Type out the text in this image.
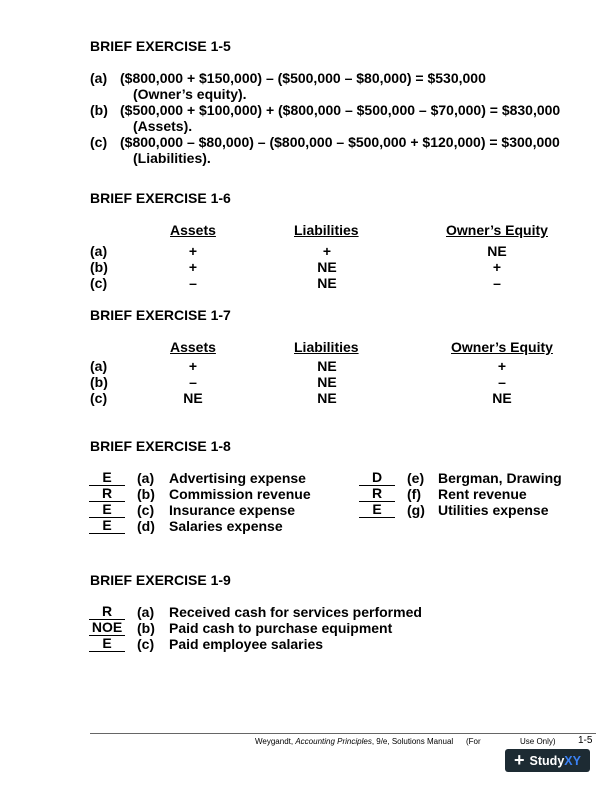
BRIEF EXERCISE 1-5
(a) ($800,000 + $150,000) – ($500,000 – $80,000) = $530,000
(Owner’s equity).
(b) ($500,000 + $100,000) + ($800,000 – $500,000 – $70,000) = $830,000
(Assets).
(c) ($800,000 – $80,000) – ($800,000 – $500,000 + $120,000) = $300,000
(Liabilities).
BRIEF EXERCISE 1-6
Assets	Liabilities	Owner’s Equity
(a)	+	+	NE
(b)	+	NE	+
(c)	–	NE	–
BRIEF EXERCISE 1-7
Assets	Liabilities	Owner’s Equity
(a)	+	NE	+
(b)	–	NE	–
(c)	NE	NE	NE
BRIEF EXERCISE 1-8
E	(a) Advertising expense
R	(b) Commission revenue
E	(c) Insurance expense
E	(d) Salaries expense
D	(e) Bergman, Drawing
R	(f) Rent revenue
E	(g) Utilities expense
BRIEF EXERCISE 1-9
R	(a) Received cash for services performed
NOE (b) Paid cash to purchase equipment
E	(c) Paid employee salaries
Weygandt, Accounting Principles, 9/e, Solutions Manual (For	Use Only) 1-5
+ StudyXY
